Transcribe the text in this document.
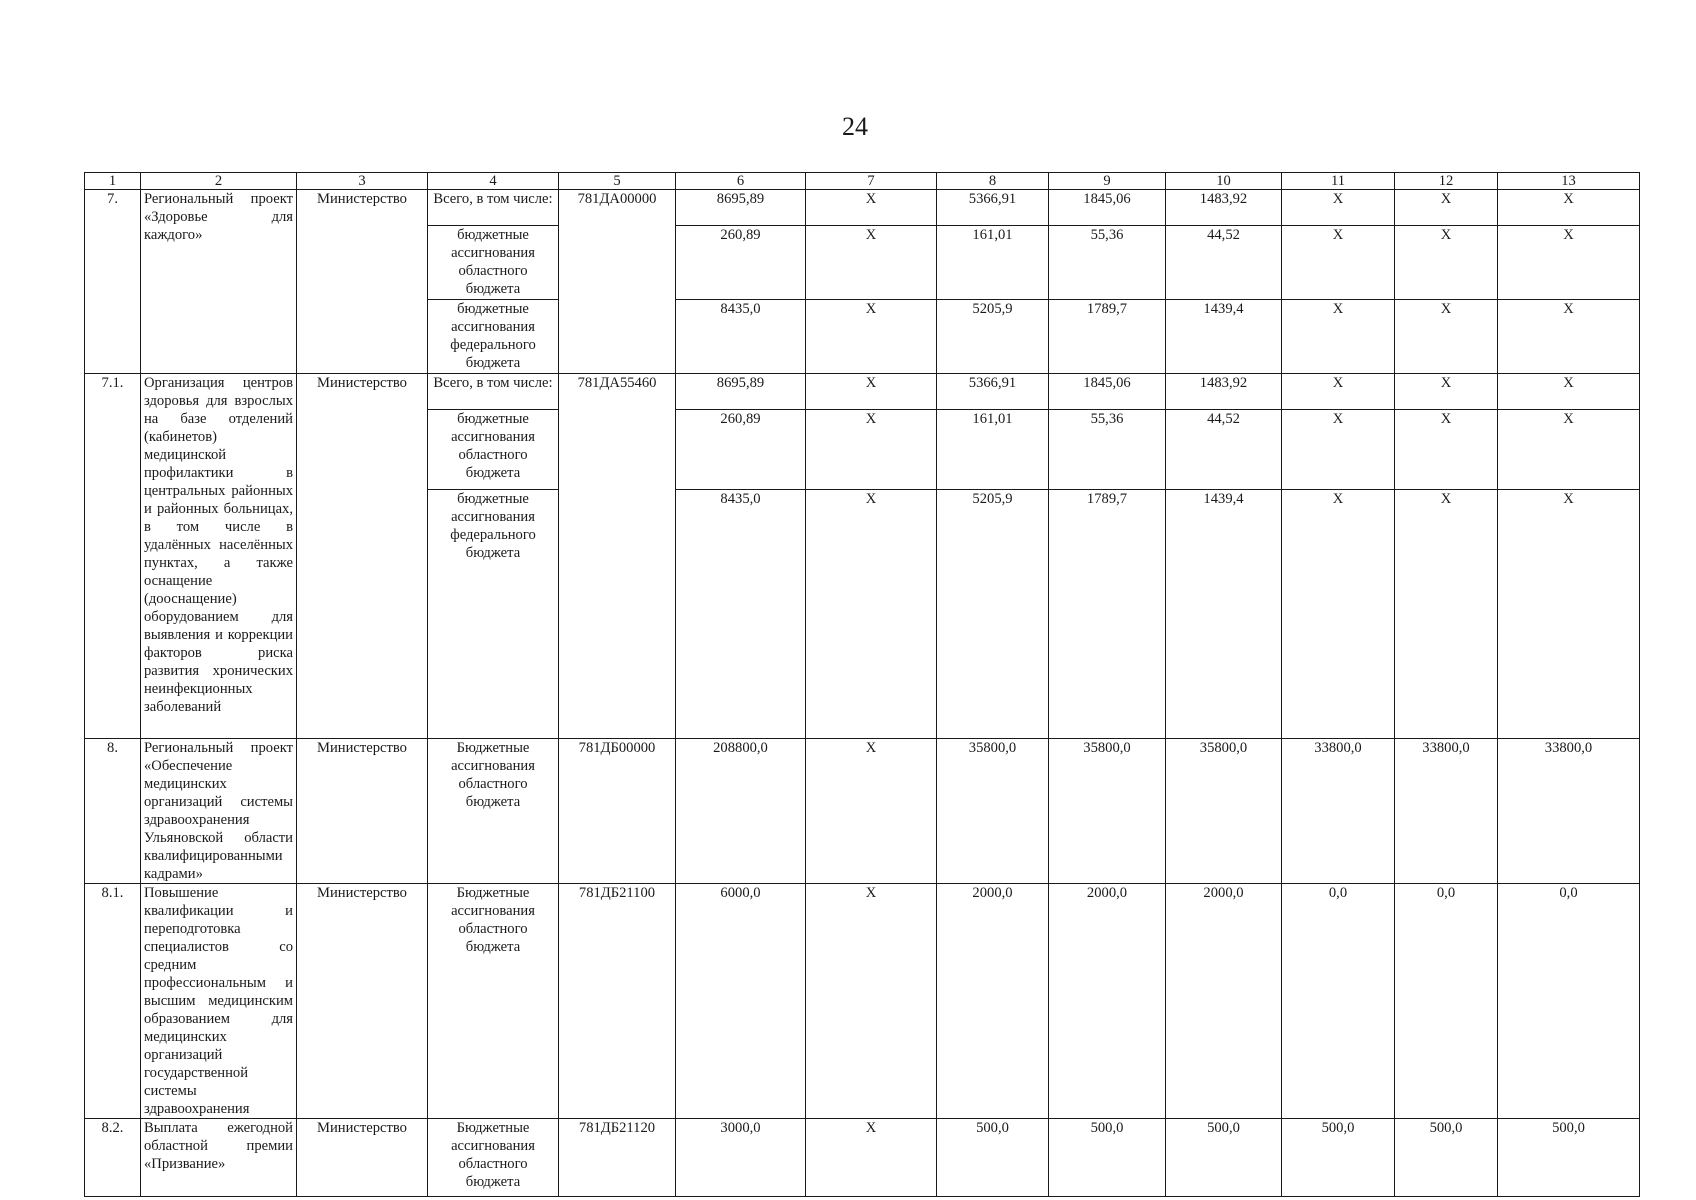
24
1	2	3	4	5	6	7	8	9	10	11	12	13
7.	Региональный проект «Здоровье для каждого»	Министерство	Всего, в том числе:	781ДА00000	8695,89	X	5366,91	1845,06	1483,92	X	X	X
			бюджетные ассигнования областного бюджета		260,89	X	161,01	55,36	44,52	X	X	X
			бюджетные ассигнования федерального бюджета		8435,0	X	5205,9	1789,7	1439,4	X	X	X
7.1.	Организация центров здоровья для взрослых на базе отделений (кабинетов) медицинской профилактики в центральных районных и районных больницах, в том числе в удалённых населённых пунктах, а также оснащение (дооснащение) оборудованием для выявления и коррекции факторов риска развития хронических неинфекционных заболеваний	Министерство	Всего, в том числе:	781ДА55460	8695,89	X	5366,91	1845,06	1483,92	X	X	X
			бюджетные ассигнования областного бюджета		260,89	X	161,01	55,36	44,52	X	X	X
			бюджетные ассигнования федерального бюджета		8435,0	X	5205,9	1789,7	1439,4	X	X	X
8.	Региональный проект «Обеспечение медицинских организаций системы здравоохранения Ульяновской области квалифицированными кадрами»	Министерство	Бюджетные ассигнования областного бюджета	781ДБ00000	208800,0	X	35800,0	35800,0	35800,0	33800,0	33800,0	33800,0
8.1.	Повышение квалификации и переподготовка специалистов со средним профессиональным и высшим медицинским образованием для медицинских организаций государственной системы здравоохранения	Министерство	Бюджетные ассигнования областного бюджета	781ДБ21100	6000,0	X	2000,0	2000,0	2000,0	0,0	0,0	0,0
8.2.	Выплата ежегодной областной премии «Призвание»	Министерство	Бюджетные ассигнования областного бюджета	781ДБ21120	3000,0	X	500,0	500,0	500,0	500,0	500,0	500,0
